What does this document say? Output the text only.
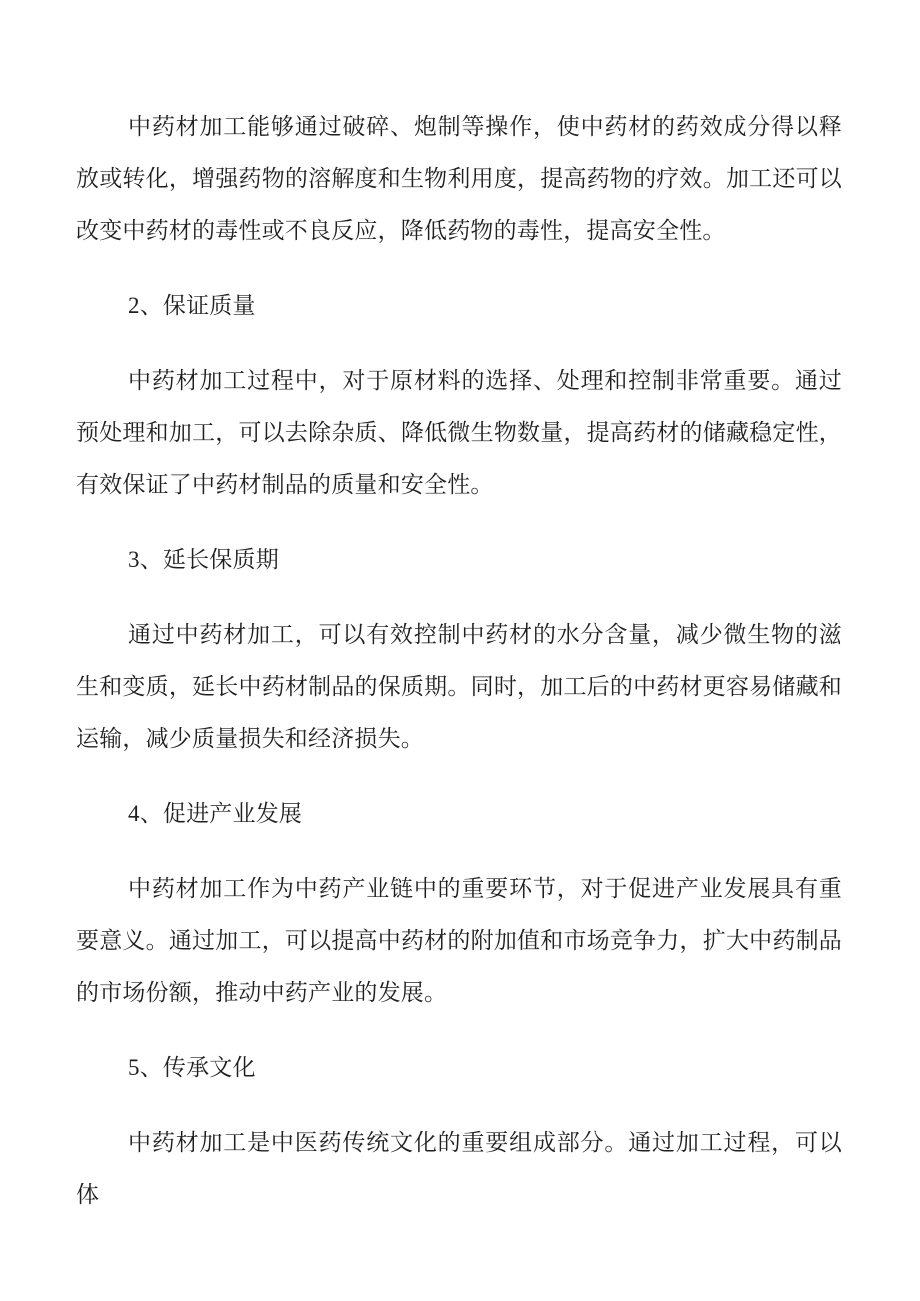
中药材加工能够通过破碎、炮制等操作，使中药材的药效成分得以释放或转化，增强药物的溶解度和生物利用度，提高药物的疗效。加工还可以改变中药材的毒性或不良反应，降低药物的毒性，提高安全性。

2、保证质量

中药材加工过程中，对于原材料的选择、处理和控制非常重要。通过预处理和加工，可以去除杂质、降低微生物数量，提高药材的储藏稳定性，有效保证了中药材制品的质量和安全性。

3、延长保质期

通过中药材加工，可以有效控制中药材的水分含量，减少微生物的滋生和变质，延长中药材制品的保质期。同时，加工后的中药材更容易储藏和运输，减少质量损失和经济损失。

4、促进产业发展

中药材加工作为中药产业链中的重要环节，对于促进产业发展具有重要意义。通过加工，可以提高中药材的附加值和市场竞争力，扩大中药制品的市场份额，推动中药产业的发展。

5、传承文化

中药材加工是中医药传统文化的重要组成部分。通过加工过程，可以体
